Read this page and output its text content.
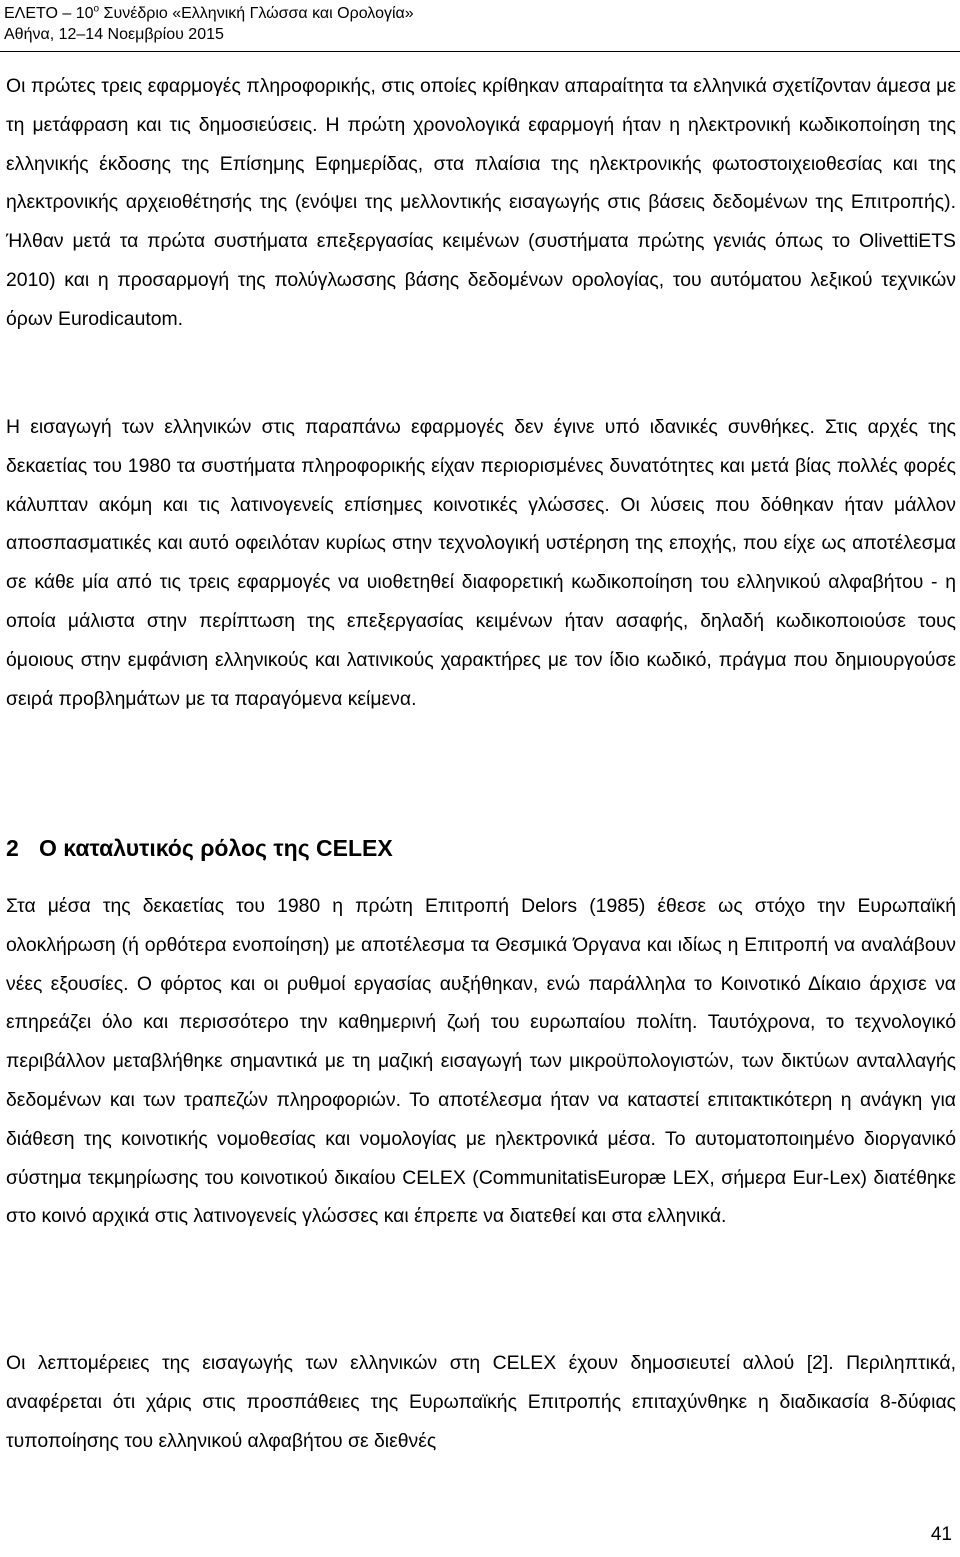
ΕΛΕΤΟ – $10^o$ Συνέδριο «Ελληνική Γλώσσα και Ορολογία»
Αθήνα, 12–14 Νοεμβρίου 2015

Οι πρώτες τρεις εφαρμογές πληροφορικής, στις οποίες κρίθηκαν απαραίτητα τα ελληνικά σχετίζονταν άμεσα με τη μετάφραση και τις δημοσιεύσεις. Η πρώτη χρονολογικά εφαρμογή ήταν η ηλεκτρονική κωδικοποίηση της ελληνικής έκδοσης της Επίσημης Εφημερίδας, στα πλαίσια της ηλεκτρονικής φωτοστοιχειοθεσίας και της ηλεκτρονικής αρχειοθέτησής της (ενόψει της μελλοντικής εισαγωγής στις βάσεις δεδομένων της Επιτροπής). Ήλθαν μετά τα πρώτα συστήματα επεξεργασίας κειμένων (συστήματα πρώτης γενιάς όπως το OlivettiETS 2010) και η προσαρμογή της πολύγλωσσης βάσης δεδομένων ορολογίας, του αυτόματου λεξικού τεχνικών όρων Eurodicautom.

Η εισαγωγή των ελληνικών στις παραπάνω εφαρμογές δεν έγινε υπό ιδανικές συνθήκες. Στις αρχές της δεκαετίας του 1980 τα συστήματα πληροφορικής είχαν περιορισμένες δυνατότητες και μετά βίας πολλές φορές κάλυπταν ακόμη και τις λατινογενείς επίσημες κοινοτικές γλώσσες. Οι λύσεις που δόθηκαν ήταν μάλλον αποσπασματικές και αυτό οφειλόταν κυρίως στην τεχνολογική υστέρηση της εποχής, που είχε ως αποτέλεσμα σε κάθε μία από τις τρεις εφαρμογές να υιοθετηθεί διαφορετική κωδικοποίηση του ελληνικού αλφαβήτου - η οποία μάλιστα στην περίπτωση της επεξεργασίας κειμένων ήταν ασαφής, δηλαδή κωδικοποιούσε τους όμοιους στην εμφάνιση ελληνικούς και λατινικούς χαρακτήρες με τον ίδιο κωδικό, πράγμα που δημιουργούσε σειρά προβλημάτων με τα παραγόμενα κείμενα.

2 Ο καταλυτικός ρόλος της CELEX

Στα μέσα της δεκαετίας του 1980 η πρώτη Επιτροπή Delors (1985) έθεσε ως στόχο την Ευρωπαϊκή ολοκλήρωση (ή ορθότερα ενοποίηση) με αποτέλεσμα τα Θεσμικά Όργανα και ιδίως η Επιτροπή να αναλάβουν νέες εξουσίες. Ο φόρτος και οι ρυθμοί εργασίας αυξήθηκαν, ενώ παράλληλα το Κοινοτικό Δίκαιο άρχισε να επηρεάζει όλο και περισσότερο την καθημερινή ζωή του ευρωπαίου πολίτη. Ταυτόχρονα, το τεχνολογικό περιβάλλον μεταβλήθηκε σημαντικά με τη μαζική εισαγωγή των μικροϋπολογιστών, των δικτύων ανταλλαγής δεδομένων και των τραπεζών πληροφοριών. Το αποτέλεσμα ήταν να καταστεί επιτακτικότερη η ανάγκη για διάθεση της κοινοτικής νομοθεσίας και νομολογίας με ηλεκτρονικά μέσα. Το αυτοματοποιημένο διοργανικό σύστημα τεκμηρίωσης του κοινοτικού δικαίου CELEX (CommunitatisEuropæ LEX, σήμερα Eur-Lex) διατέθηκε στο κοινό αρχικά στις λατινογενείς γλώσσες και έπρεπε να διατεθεί και στα ελληνικά.

Οι λεπτομέρειες της εισαγωγής των ελληνικών στη CELEX έχουν δημοσιευτεί αλλού [2]. Περιληπτικά, αναφέρεται ότι χάρις στις προσπάθειες της Ευρωπαϊκής Επιτροπής επιταχύνθηκε η διαδικασία 8-δύφιας τυποποίησης του ελληνικού αλφαβήτου σε διεθνές

41
